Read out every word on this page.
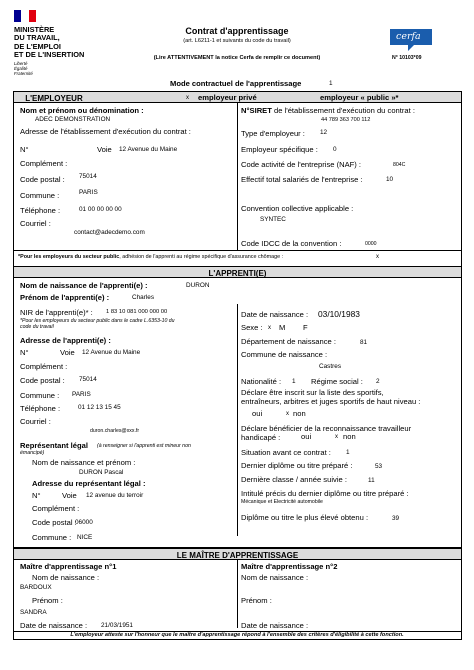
MINISTÈRE
DU TRAVAIL,
DE L'EMPLOI
ET DE L'INSERTION
Liberté
Égalité
Fraternité
Contrat d'apprentissage
(art. L6211-1 et suivants du code du travail)
(Lire ATTENTIVEMENT la notice Cerfa de remplir ce document)
cerfa
N° 10103*09
Mode contractuel de l'apprentissage	1
L'EMPLOYEUR	x employeur privé	employeur « public »*
Nom et prénom ou dénomination :
ADEC DEMONSTRATION
Adresse de l'établissement d'exécution du contrat :
N°	Voie 12 Avenue du Maine
Complément :
Code postal : 75014
Commune :	PARIS
Téléphone :	01 00 00 00 00
Courriel :
contact@adecdemo.com
N°SIRET de l'établissement d'exécution du contrat :
44 789 363 700 112
Type d'employeur : 12
Employeur spécifique : 0
Code activité de l'entreprise (NAF) :	804C
Effectif total salariés de l'entreprise :	10
Convention collective applicable :
SYNTEC
Code IDCC de la convention :	0000
*Pour les employeurs du secteur public, adhésion de l'apprenti au régime spécifique d'assurance chômage :	x
L'APPRENTI(E)
Nom de naissance de l'apprenti(e) :	DURON
Prénom de l'apprenti(e) :	Charles
NIR de l'apprenti(e)* : 1 83 10 081 000 000 00
*Pour les employeurs du secteur public dans le cadre L.6353-10 du
code du travail
Adresse de l'apprenti(e) :
N°	Voie 12 Avenue du Maine
Complément :
Code postal : 75014
Commune : PARIS
Téléphone :	01 12 13 15 45
Courriel :
duron.charles@xxx.fr
Représentant légal (à renseigner si l'apprenti est mineur non
émancipé)
Nom de naissance et prénom :
DURON Pascal
Adresse du représentant légal :
N°	Voie 12 avenue du terroir
Complément :
Code postal :
06000
Commune : NICE
Date de naissance : 03/10/1983
Sexe : x M F
Département de naissance :	81
Commune de naissance :
Castres
Nationalité : 1 Régime social : 2
Déclare être inscrit sur la liste des sportifs,
entraîneurs, arbitres et juges sportifs de haut niveau :
oui	x non
Déclare bénéficier de la reconnaissance travailleur
handicapé :	oui	x non
Situation avant ce contrat : 1
Dernier diplôme ou titre préparé :	53
Dernière classe / année suivie :	11
Intitulé précis du dernier diplôme ou titre préparé :
Mécanique et Electricité automobile
Diplôme ou titre le plus élevé obtenu :	39
LE MAÎTRE D'APPRENTISSAGE
Maître d'apprentissage n°1
Nom de naissance :
BARDOUX
Prénom :
SANDRA
Date de naissance : 21/03/1951
Maître d'apprentissage n°2
Nom de naissance :
Prénom :
Date de naissance :
L'employeur atteste sur l'honneur que le maître d'apprentissage répond à l'ensemble des critères d'éligibilité à cette fonction.
